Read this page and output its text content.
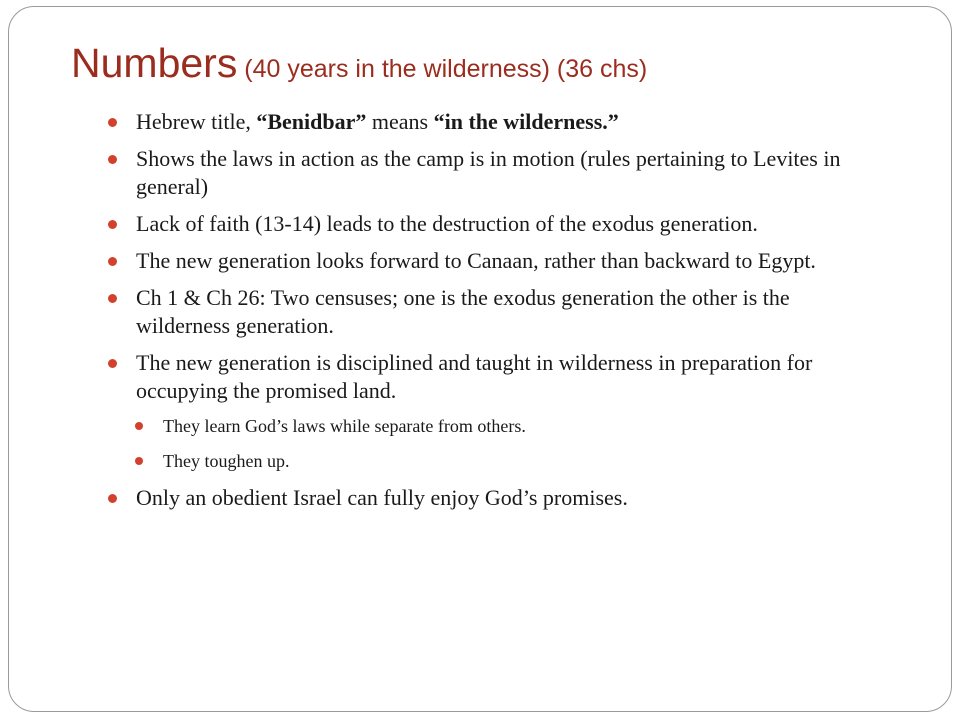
Numbers (40 years in the wilderness) (36 chs)
Hebrew title, “Benidbar” means “in the wilderness.”
Shows the laws in action as the camp is in motion (rules pertaining to Levites in general)
Lack of faith (13-14) leads to the destruction of the exodus generation.
The new generation looks forward to Canaan, rather than backward to Egypt.
Ch 1 & Ch 26: Two censuses; one is the exodus generation the other is the wilderness generation.
The new generation is disciplined and taught in wilderness in preparation for occupying the promised land.
They learn God’s laws while separate from others.
They toughen up.
Only an obedient Israel can fully enjoy God’s promises.
